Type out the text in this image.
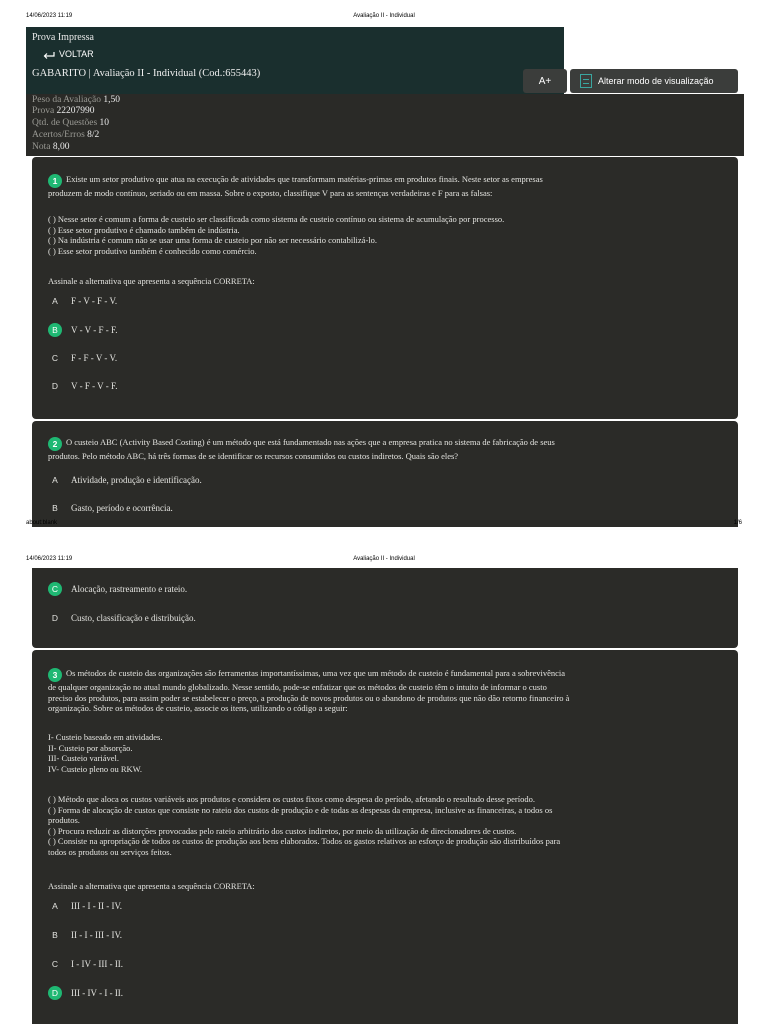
14/06/2023 11:19	Avaliação II - Individual
Prova Impressa
VOLTAR
GABARITO | Avaliação II - Individual (Cod.:655443)
A+	Alterar modo de visualização
Peso da Avaliação 1,50
Prova 22207990
Qtd. de Questões 10
Acertos/Erros 8/2
Nota 8,00
1 Existe um setor produtivo que atua na execução de atividades que transformam matérias-primas em produtos finais. Neste setor as empresas
produzem de modo contínuo, seriado ou em massa. Sobre o exposto, classifique V para as sentenças verdadeiras e F para as falsas:
( ) Nesse setor é comum a forma de custeio ser classificada como sistema de custeio contínuo ou sistema de acumulação por processo.
( ) Esse setor produtivo é chamado também de indústria.
( ) Na indústria é comum não se usar uma forma de custeio por não ser necessário contabilizá-lo.
( ) Esse setor produtivo também é conhecido como comércio.
Assinale a alternativa que apresenta a sequência CORRETA:
A	F - V - F - V.
B	V - V - F - F.
C	F - F - V - V.
D	V - F - V - F.
2 O custeio ABC (Activity Based Costing) é um método que está fundamentado nas ações que a empresa pratica no sistema de fabricação de seus
produtos. Pelo método ABC, há três formas de se identificar os recursos consumidos ou custos indiretos. Quais são eles?
A	Atividade, produção e identificação.
B	Gasto, período e ocorrência.
about:blank	1/6
14/06/2023 11:19	Avaliação II - Individual
C	Alocação, rastreamento e rateio.
D	Custo, classificação e distribuição.
3 Os métodos de custeio das organizações são ferramentas importantíssimas, uma vez que um método de custeio é fundamental para a sobrevivência
de qualquer organização no atual mundo globalizado. Nesse sentido, pode-se enfatizar que os métodos de custeio têm o intuito de informar o custo
preciso dos produtos, para assim poder se estabelecer o preço, a produção de novos produtos ou o abandono de produtos que não dão retorno financeiro à
organização. Sobre os métodos de custeio, associe os itens, utilizando o código a seguir:
I- Custeio baseado em atividades.
II- Custeio por absorção.
III- Custeio variável.
IV- Custeio pleno ou RKW.
( ) Método que aloca os custos variáveis aos produtos e considera os custos fixos como despesa do período, afetando o resultado desse período.
( ) Forma de alocação de custos que consiste no rateio dos custos de produção e de todas as despesas da empresa, inclusive as financeiras, a todos os
produtos.
( ) Procura reduzir as distorções provocadas pelo rateio arbitrário dos custos indiretos, por meio da utilização de direcionadores de custos.
( ) Consiste na apropriação de todos os custos de produção aos bens elaborados. Todos os gastos relativos ao esforço de produção são distribuídos para
todos os produtos ou serviços feitos.
Assinale a alternativa que apresenta a sequência CORRETA:
A	III - I - II - IV.
B	II - I - III - IV.
C	I - IV - III - II.
D	III - IV - I - II.
